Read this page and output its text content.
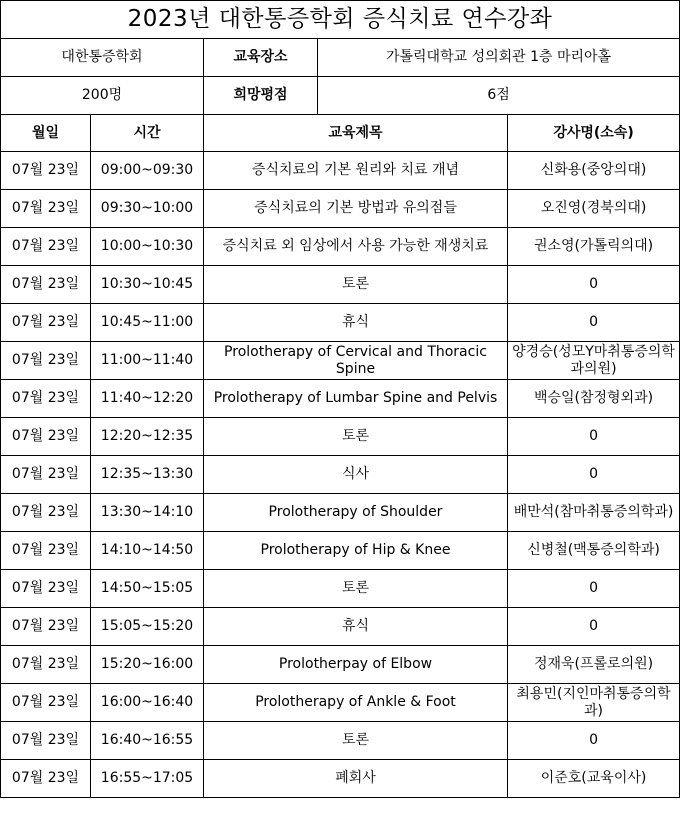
2023년 대한통증학회 증식치료 연수강좌				
대한통증학회		교육장소	가톨릭대학교 성의회관 1층 마리아홀	
200명		희망평점	6점	
월일	시간	교육제목		강사명(소속)
07월 23일	09:00~09:30	증식치료의 기본 원리와 치료 개념		신화용(중앙의대)
07월 23일	09:30~10:00	증식치료의 기본 방법과 유의점들		오진영(경북의대)
07월 23일	10:00~10:30	증식치료 외 임상에서 사용 가능한 재생치료		권소영(가톨릭의대)
07월 23일	10:30~10:45	토론		0
07월 23일	10:45~11:00	휴식		0
07월 23일	11:00~11:40	Prolotherapy of Cervical and Thoracic Spine		양경승(성모Y마취통증의학과의원)
07월 23일	11:40~12:20	Prolotherapy of Lumbar Spine and Pelvis		백승일(참정형외과)
07월 23일	12:20~12:35	토론		0
07월 23일	12:35~13:30	식사		0
07월 23일	13:30~14:10	Prolotherapy of Shoulder		배만석(참마취통증의학과)
07월 23일	14:10~14:50	Prolotherapy of Hip & Knee		신병철(맥통증의학과)
07월 23일	14:50~15:05	토론		0
07월 23일	15:05~15:20	휴식		0
07월 23일	15:20~16:00	Prolotherpay of Elbow		정재욱(프롤로의원)
07월 23일	16:00~16:40	Prolotherapy of Ankle & Foot		최용민(지인마취통증의학과)
07월 23일	16:40~16:55	토론		0
07월 23일	16:55~17:05	폐회사		이준호(교육이사)
